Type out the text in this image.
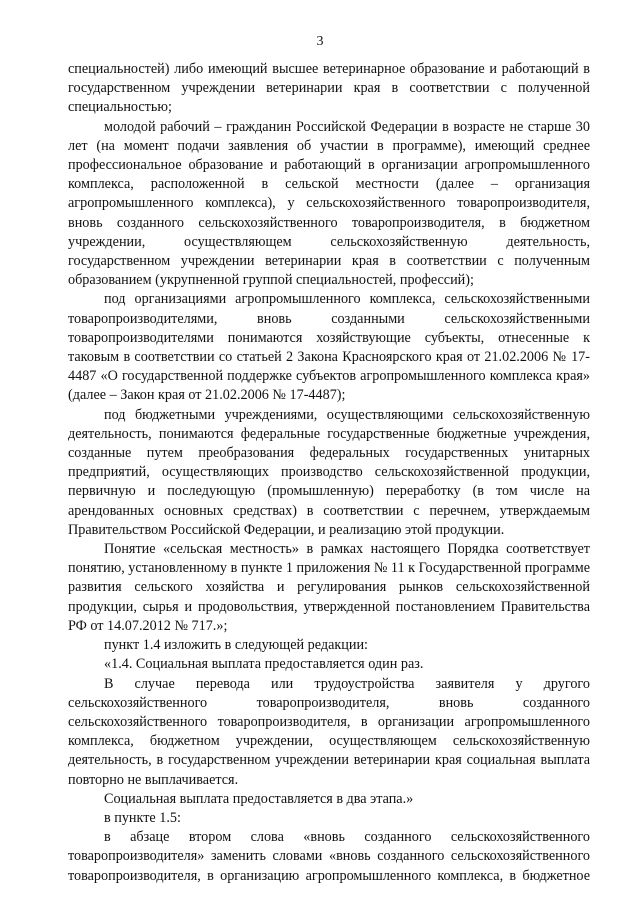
3

специальностей) либо имеющий высшее ветеринарное образование и работающий в государственном учреждении ветеринарии края в соответствии с полученной специальностью;

молодой рабочий – гражданин Российской Федерации в возрасте не старше 30 лет (на момент подачи заявления об участии в программе), имеющий среднее профессиональное образование и работающий в организации агропромышленного комплекса, расположенной в сельской местности (далее – организация агропромышленного комплекса), у сельскохозяйственного товаропроизводителя, вновь созданного сельскохозяйственного товаропроизводителя, в бюджетном учреждении, осуществляющем сельскохозяйственную деятельность, государственном учреждении ветеринарии края в соответствии с полученным образованием (укрупненной группой специальностей, профессий);

под организациями агропромышленного комплекса, сельскохозяйственными товаропроизводителями, вновь созданными сельскохозяйственными товаропроизводителями понимаются хозяйствующие субъекты, отнесенные к таковым в соответствии со статьей 2 Закона Красноярского края от 21.02.2006 № 17-4487 «О государственной поддержке субъектов агропромышленного комплекса края» (далее – Закон края от 21.02.2006 № 17-4487);

под бюджетными учреждениями, осуществляющими сельскохозяйственную деятельность, понимаются федеральные государственные бюджетные учреждения, созданные путем преобразования федеральных государственных унитарных предприятий, осуществляющих производство сельскохозяйственной продукции, первичную и последующую (промышленную) переработку (в том числе на арендованных основных средствах) в соответствии с перечнем, утверждаемым Правительством Российской Федерации, и реализацию этой продукции.

Понятие «сельская местность» в рамках настоящего Порядка соответствует понятию, установленному в пункте 1 приложения № 11 к Государственной программе развития сельского хозяйства и регулирования рынков сельскохозяйственной продукции, сырья и продовольствия, утвержденной постановлением Правительства РФ от 14.07.2012 № 717.»;

пункт 1.4 изложить в следующей редакции:

«1.4. Социальная выплата предоставляется один раз.

В случае перевода или трудоустройства заявителя у другого сельскохозяйственного товаропроизводителя, вновь созданного сельскохозяйственного товаропроизводителя, в организации агропромышленного комплекса, бюджетном учреждении, осуществляющем сельскохозяйственную деятельность, в государственном учреждении ветеринарии края социальная выплата повторно не выплачивается.

Социальная выплата предоставляется в два этапа.»

в пункте 1.5:

в абзаце втором слова «вновь созданного сельскохозяйственного товаропроизводителя» заменить словами «вновь созданного сельскохозяйственного товаропроизводителя, в организацию агропромышленного комплекса, в бюджетное
